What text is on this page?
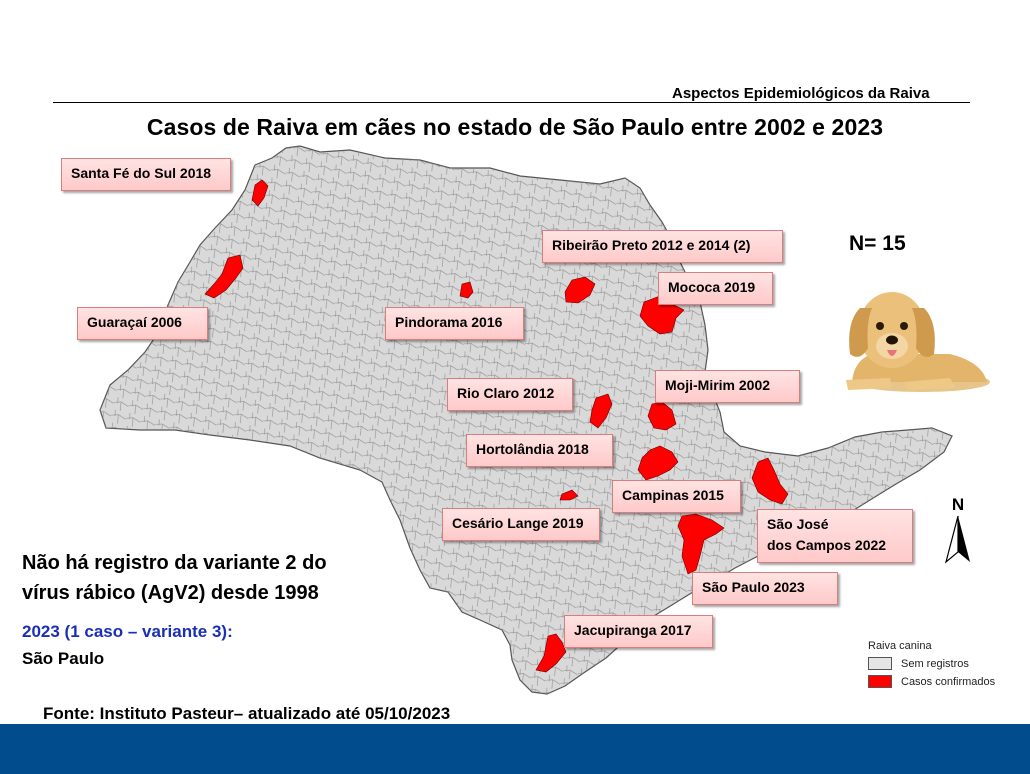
Aspectos Epidemiológicos da Raiva
Casos de Raiva em cães no estado de São Paulo entre 2002 e 2023
Santa Fé do Sul 2018
Ribeirão Preto 2012 e 2014 (2)
Mococa 2019
Guaraçaí 2006	Pindorama 2016
Rio Claro 2012	Moji-Mirim 2002
Hortolândia 2018
Campinas 2015
Cesário Lange 2019	São José
dos Campos 2022
São Paulo 2023
Jacupiranga 2017
N= 15
Não há registro da variante 2 do
vírus rábico (AgV2) desde 1998
2023 (1 caso – variante 3):
São Paulo
Raiva canina
Sem registros
Casos confirmados
N
Fonte: Instituto Pasteur– atualizado até 05/10/2023
